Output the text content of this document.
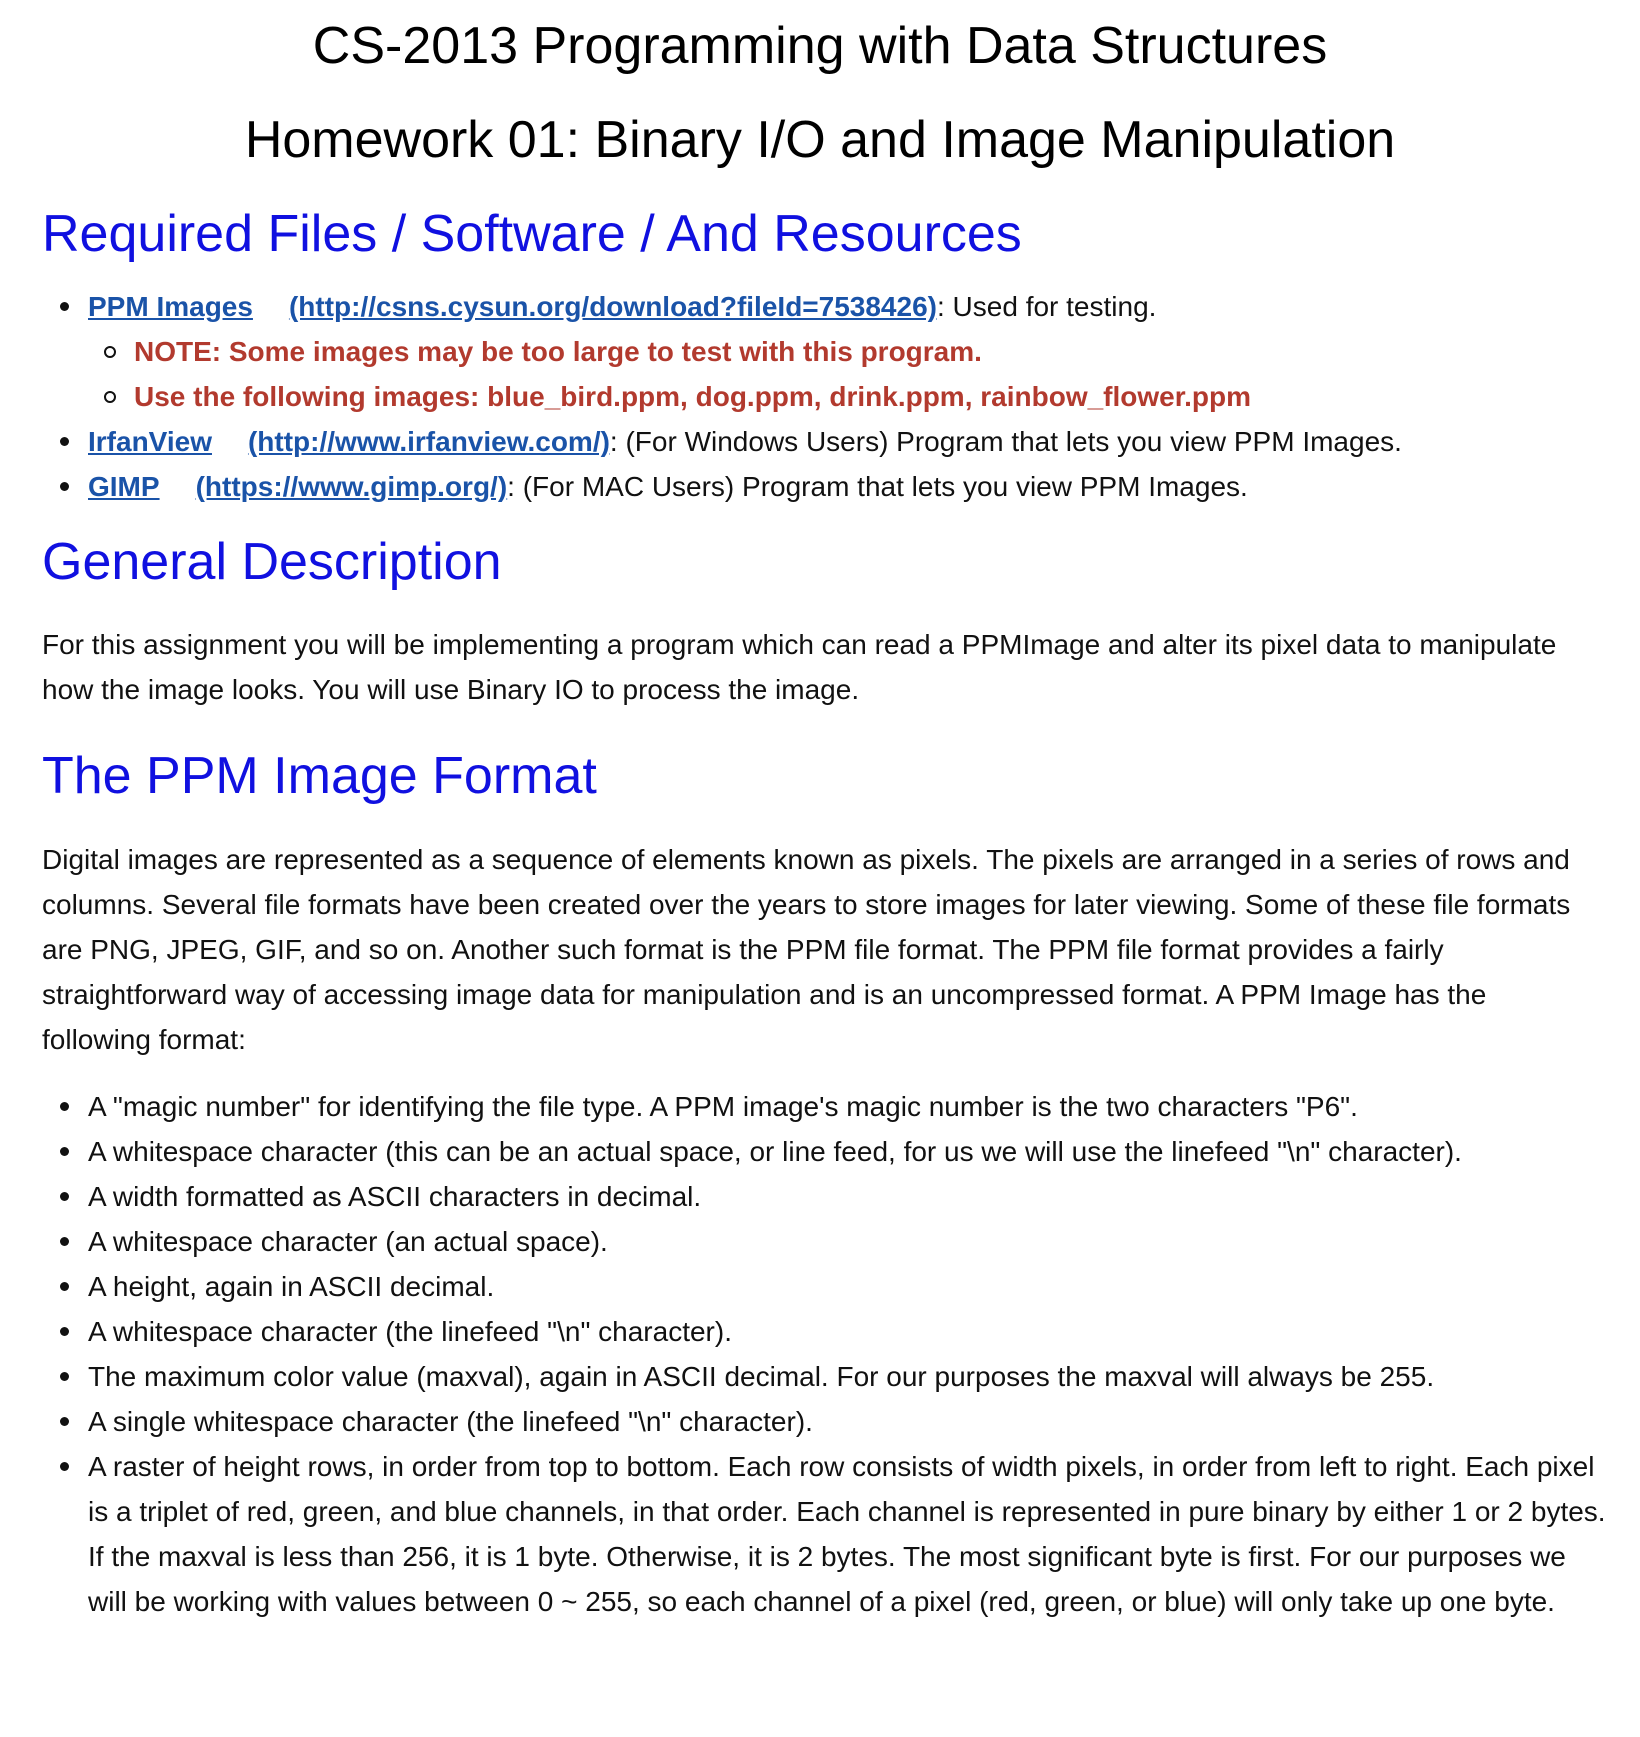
CS-2013 Programming with Data Structures
Homework 01: Binary I/O and Image Manipulation
Required Files / Software / And Resources
PPM Images (http://csns.cysun.org/download?fileId=7538426): Used for testing.
NOTE: Some images may be too large to test with this program.
Use the following images: blue_bird.ppm, dog.ppm, drink.ppm, rainbow_flower.ppm
IrfanView (http://www.irfanview.com/): (For Windows Users) Program that lets you view PPM Images.
GIMP (https://www.gimp.org/): (For MAC Users) Program that lets you view PPM Images.
General Description

For this assignment you will be implementing a program which can read a PPMImage and alter its pixel data to manipulate how the image looks. You will use Binary IO to process the image.

The PPM Image Format

Digital images are represented as a sequence of elements known as pixels. The pixels are arranged in a series of rows and columns. Several file formats have been created over the years to store images for later viewing. Some of these file formats are PNG, JPEG, GIF, and so on. Another such format is the PPM file format. The PPM file format provides a fairly straightforward way of accessing image data for manipulation and is an uncompressed format. A PPM Image has the following format:

A "magic number" for identifying the file type. A PPM image's magic number is the two characters "P6".
A whitespace character (this can be an actual space, or line feed, for us we will use the linefeed "\n" character).
A width formatted as ASCII characters in decimal.
A whitespace character (an actual space).
A height, again in ASCII decimal.
A whitespace character (the linefeed "\n" character).
The maximum color value (maxval), again in ASCII decimal. For our purposes the maxval will always be 255.
A single whitespace character (the linefeed "\n" character).
A raster of height rows, in order from top to bottom. Each row consists of width pixels, in order from left to right. Each pixel is a triplet of red, green, and blue channels, in that order. Each channel is represented in pure binary by either 1 or 2 bytes. If the maxval is less than 256, it is 1 byte. Otherwise, it is 2 bytes. The most significant byte is first. For our purposes we will be working with values between 0 ~ 255, so each channel of a pixel (red, green, or blue) will only take up one byte.
